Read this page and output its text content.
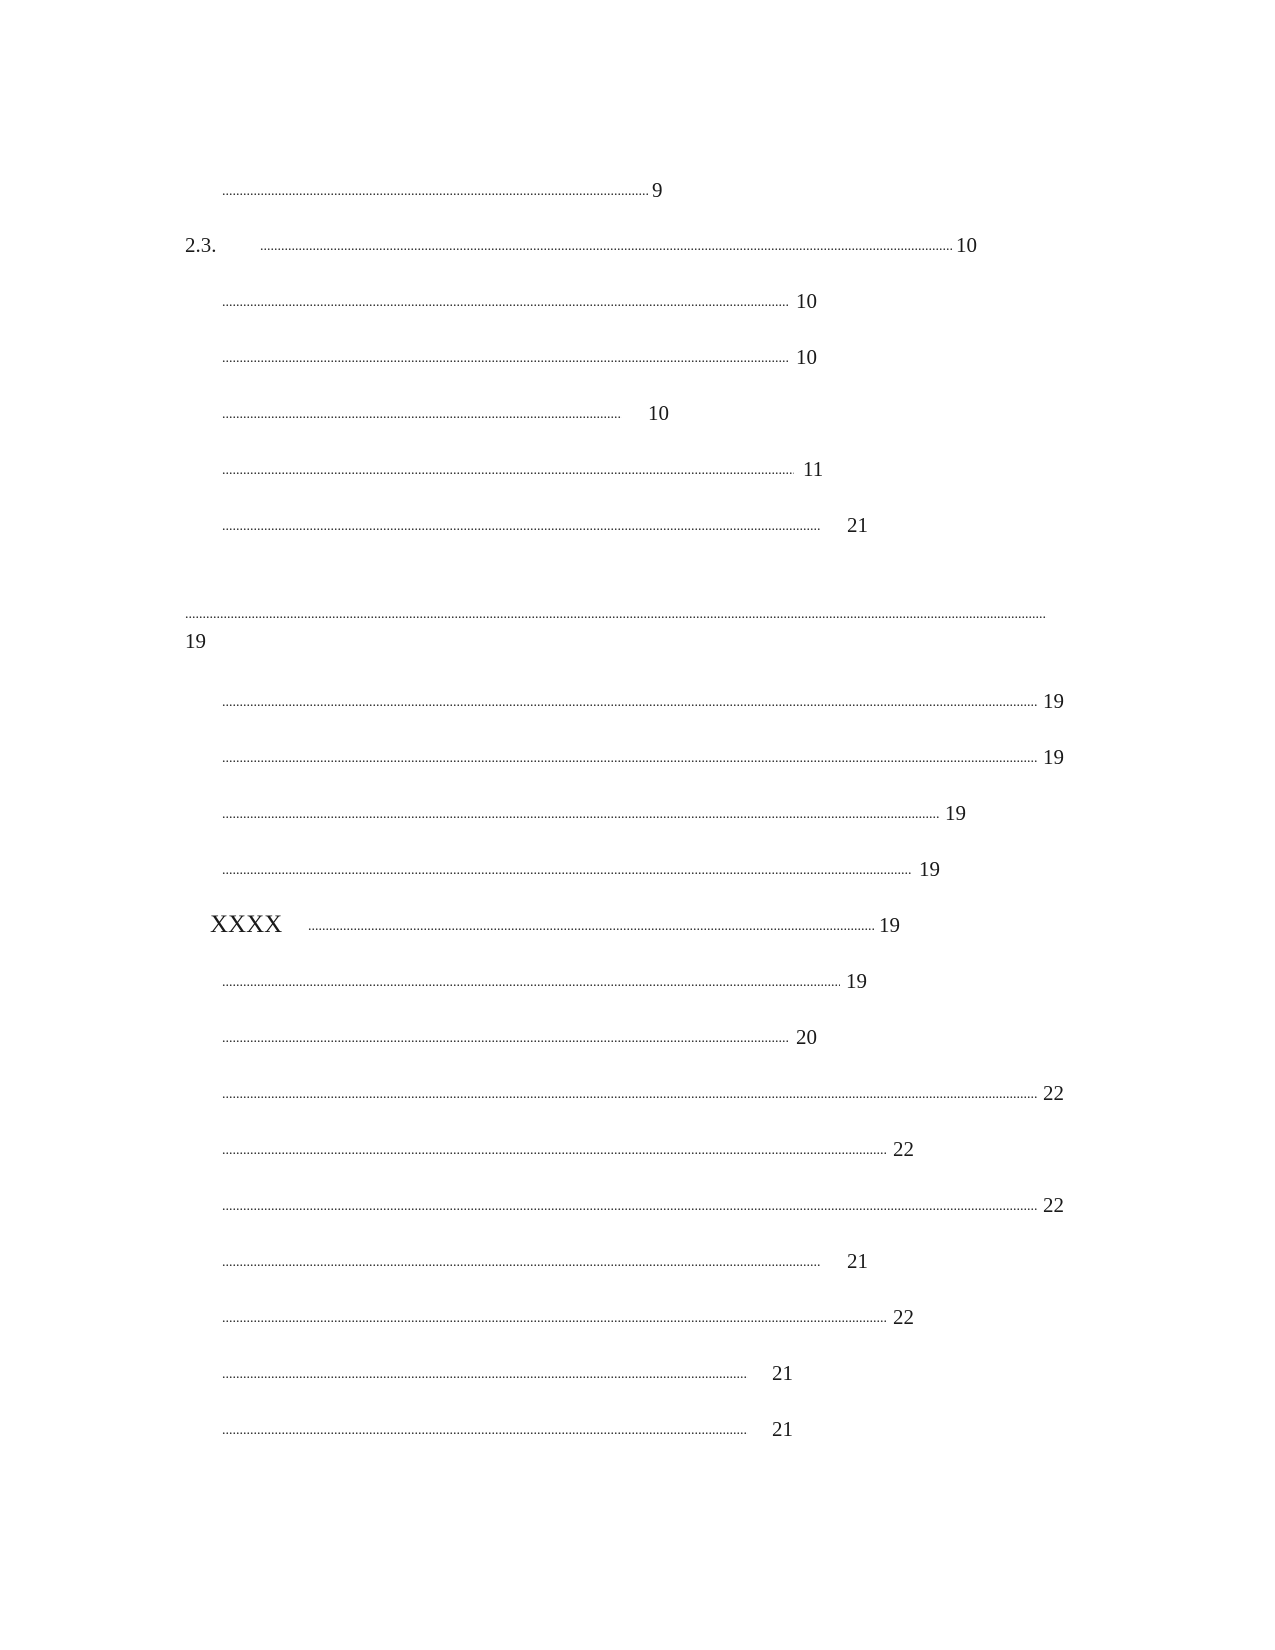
.....
9
2.3. .....	10
.....
10
.....
10
.....
10
.....
11
.....
21
.....
19
.....
19
.....
19
.....
19
.....
19
XXXX .....	19
.....
19
.....
20
.....
22
.....
22
.....
22
.....
21
.....
22
.....
21
.....
21
